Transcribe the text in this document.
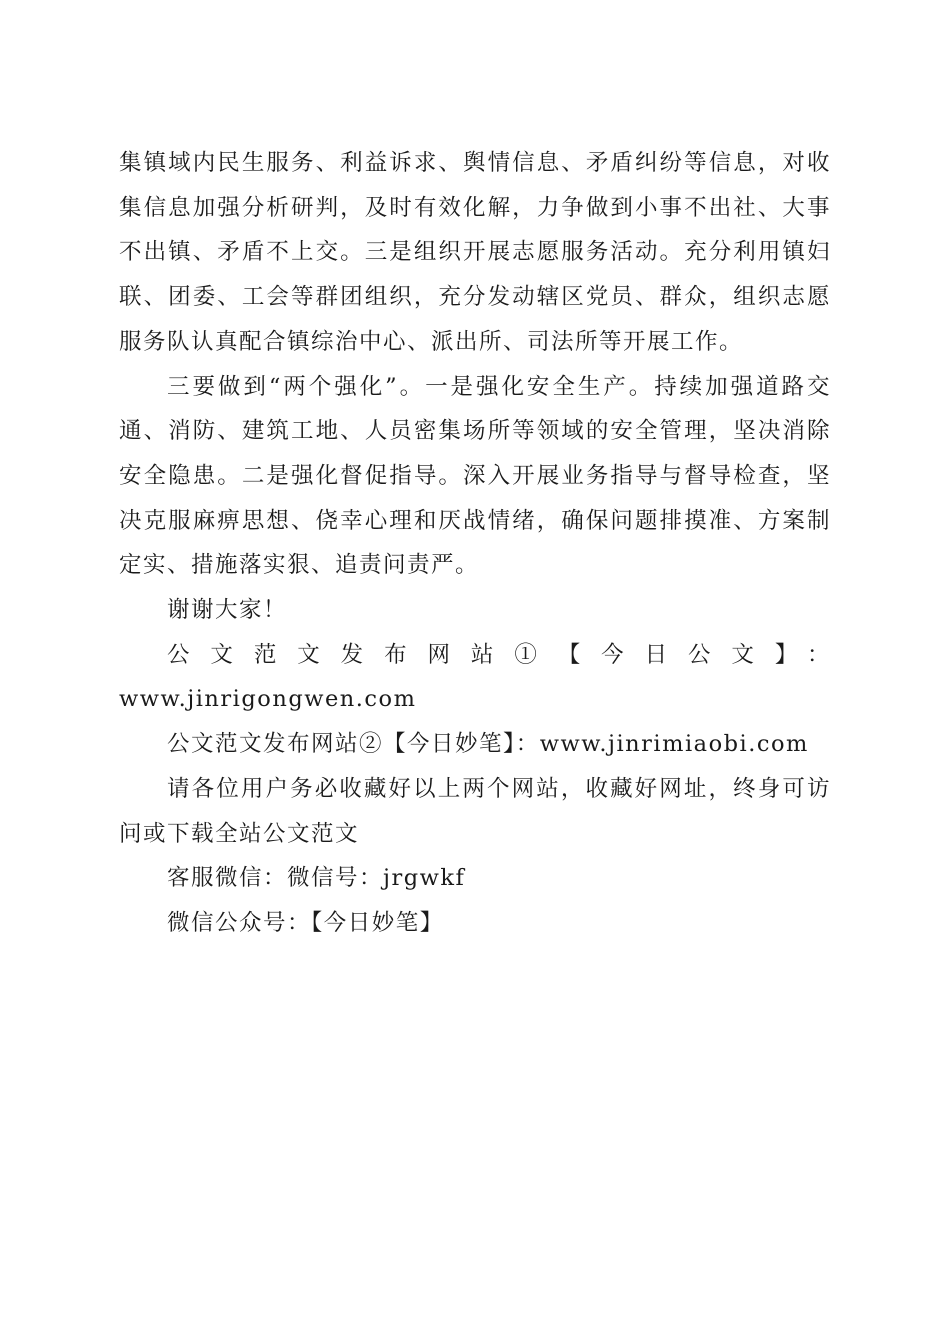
集镇域内民生服务、利益诉求、舆情信息、矛盾纠纷等信息，对收集信息加强分析研判，及时有效化解，力争做到小事不出社、大事不出镇、矛盾不上交。三是组织开展志愿服务活动。充分利用镇妇联、团委、工会等群团组织，充分发动辖区党员、群众，组织志愿服务队认真配合镇综治中心、派出所、司法所等开展工作。

三要做到“两个强化”。一是强化安全生产。持续加强道路交通、消防、建筑工地、人员密集场所等领域的安全管理，坚决消除安全隐患。二是强化督促指导。深入开展业务指导与督导检查，坚决克服麻痹思想、侥幸心理和厌战情绪，确保问题排摸准、方案制定实、措施落实狠、追责问责严。

谢谢大家！

公文范文发布网站①【今日公文】：

www.jinrigongwen.com

公文范文发布网站②【今日妙笔】：www.jinrimiaobi.com

请各位用户务必收藏好以上两个网站，收藏好网址，终身可访问或下载全站公文范文

客服微信：微信号：jrgwkf

微信公众号：【今日妙笔】
